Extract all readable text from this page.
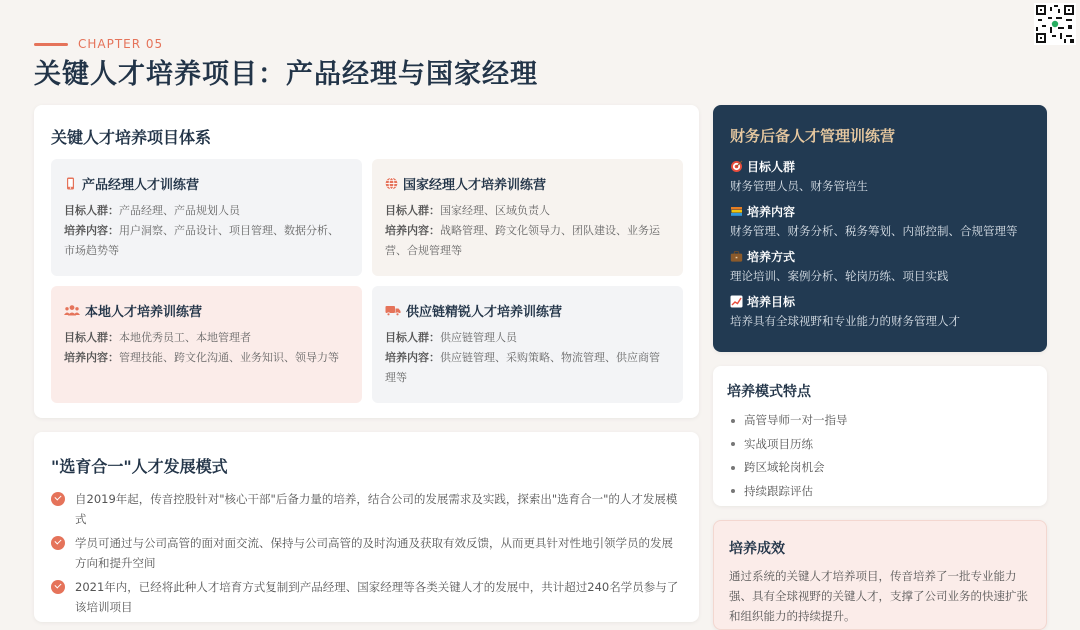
CHAPTER 05
关键人才培养项目：产品经理与国家经理
关键人才培养项目体系
产品经理人才训练营
目标人群：产品经理、产品规划人员
培养内容：用户洞察、产品设计、项目管理、数据分析、市场趋势等
国家经理人才培养训练营
目标人群：国家经理、区域负责人
培养内容：战略管理、跨文化领导力、团队建设、业务运营、合规管理等
本地人才培养训练营
目标人群：本地优秀员工、本地管理者
培养内容：管理技能、跨文化沟通、业务知识、领导力等
供应链精锐人才培养训练营
目标人群：供应链管理人员
培养内容：供应链管理、采购策略、物流管理、供应商管理等
"选育合一"人才发展模式
自2019年起，传音控股针对"核心干部"后备力量的培养，结合公司的发展需求及实践，探索出"选育合一"的人才发展模式
学员可通过与公司高管的面对面交流、保持与公司高管的及时沟通及获取有效反馈，从而更具针对性地引领学员的发展方向和提升空间
2021年内，已经将此种人才培育方式复制到产品经理、国家经理等各类关键人才的发展中，共计超过240名学员参与了该培训项目
财务后备人才管理训练营
目标人群
财务管理人员、财务管培生
培养内容
财务管理、财务分析、税务筹划、内部控制、合规管理等
培养方式
理论培训、案例分析、轮岗历练、项目实践
培养目标
培养具有全球视野和专业能力的财务管理人才
培养模式特点
高管导师一对一指导
实战项目历练
跨区域轮岗机会
持续跟踪评估
培养成效

通过系统的关键人才培养项目，传音培养了一批专业能力强、具有全球视野的关键人才，支撑了公司业务的快速扩张和组织能力的持续提升。
